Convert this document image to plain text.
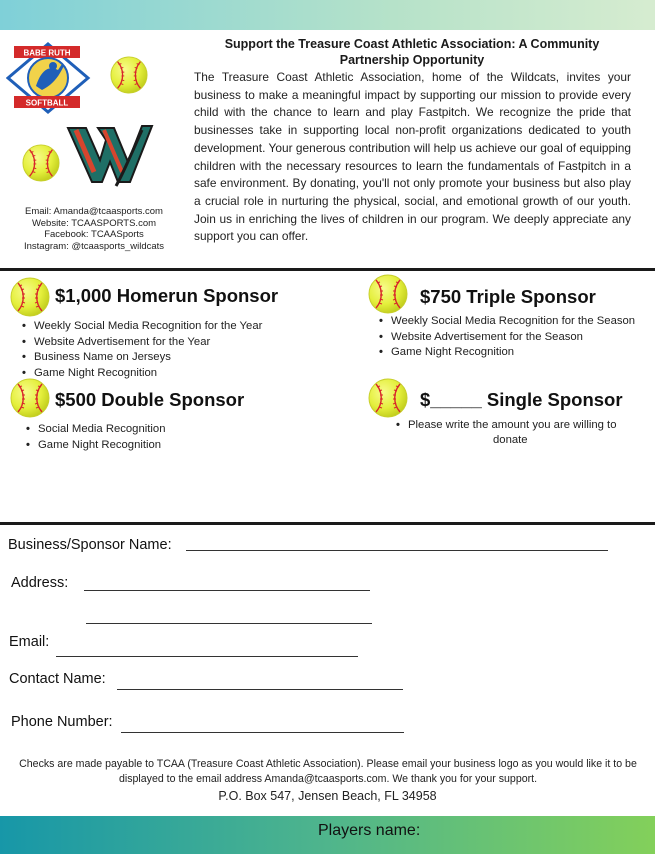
BABE RUTH
SOFTBALL
Email: Amanda@tcaasports.com
Website: TCAASPORTS.com
Facebook: TCAASports
Instagram: @tcaasports_wildcats
Support the Treasure Coast Athletic Association: A Community Partnership Opportunity
The Treasure Coast Athletic Association, home of the Wildcats, invites your business to make a meaningful impact by supporting our mission to provide every child with the chance to learn and play Fastpitch. We recognize the pride that businesses take in supporting local non-profit organizations dedicated to youth development. Your generous contribution will help us achieve our goal of equipping children with the necessary resources to learn the fundamentals of Fastpitch in a safe environment. By donating, you'll not only promote your business but also play a crucial role in nurturing the physical, social, and emotional growth of our youth. Join us in enriching the lives of children in our program. We deeply appreciate any support you can offer.
$1,000 Homerun Sponsor
• Weekly Social Media Recognition for the Year
• Website Advertisement for the Year
• Business Name on Jerseys
• Game Night Recognition
$750 Triple Sponsor
• Weekly Social Media Recognition for the Season
• Website Advertisement for the Season
• Game Night Recognition
$500 Double Sponsor
• Social Media Recognition
• Game Night Recognition
$_____ Single Sponsor
• Please write the amount you are willing to
donate
Business/Sponsor Name:
Address:
Email:
Contact Name:
Phone Number:
Checks are made payable to TCAA (Treasure Coast Athletic Association). Please email your business logo as you would like it to be displayed to the email address Amanda@tcaasports.com. We thank you for your support.
P.O. Box 547, Jensen Beach, FL 34958
Players name:
